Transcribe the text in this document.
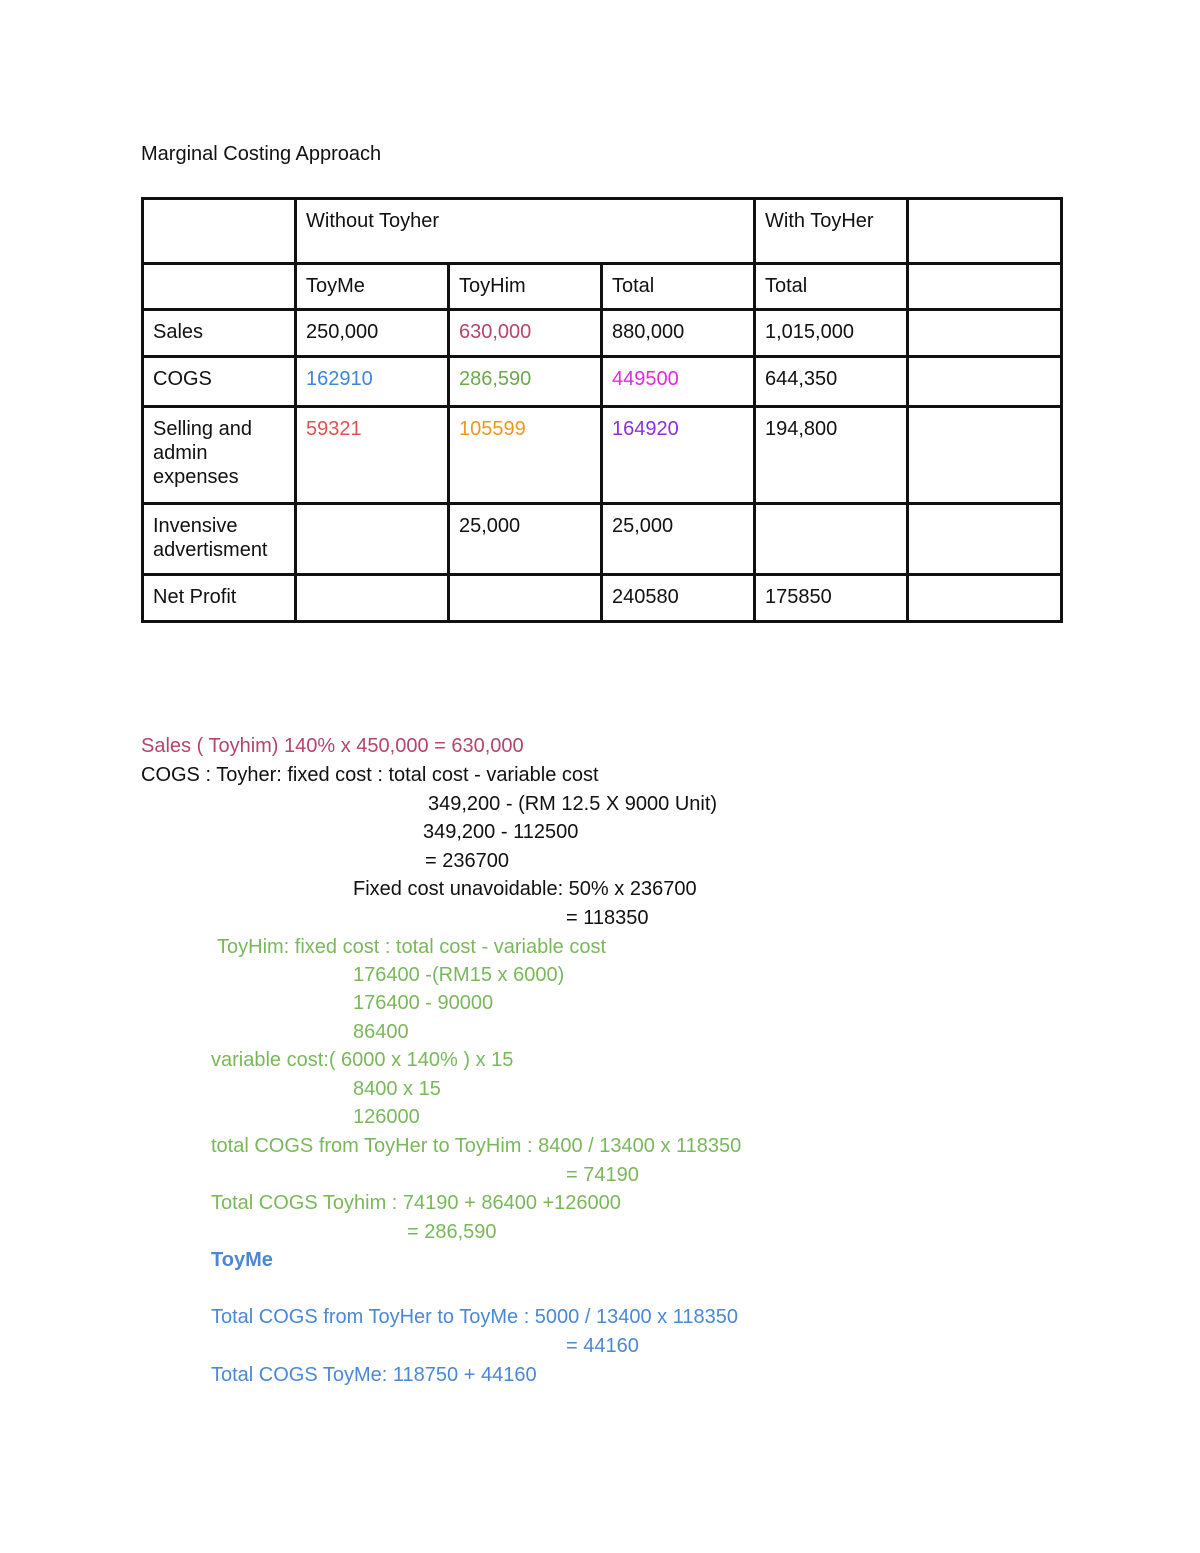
Marginal Costing Approach
	Without Toyher			With ToyHer	
	ToyMe	ToyHim	Total	Total	
Sales	250,000	630,000	880,000	1,015,000	
COGS	162910	286,590	449500	644,350	
Selling and admin expenses	59321	105599	164920	194,800	
Invensive advertisment		25,000	25,000		
Net Profit			240580	175850	
Sales ( Toyhim) 140% x 450,000 = 630,000
COGS : Toyher: fixed cost : total cost - variable cost
349,200 - (RM 12.5 X 9000 Unit)
349,200 - 112500
= 236700
Fixed cost unavoidable: 50% x 236700
= 118350
ToyHim: fixed cost : total cost - variable cost
176400 -(RM15 x 6000)
176400 - 90000
86400
variable cost:( 6000 x 140% ) x 15
8400 x 15
126000
total COGS from ToyHer to ToyHim : 8400 / 13400 x 118350
= 74190
Total COGS Toyhim : 74190 + 86400 +126000
= 286,590
ToyMe
Total COGS from ToyHer to ToyMe : 5000 / 13400 x 118350
= 44160
Total COGS ToyMe: 118750 + 44160
